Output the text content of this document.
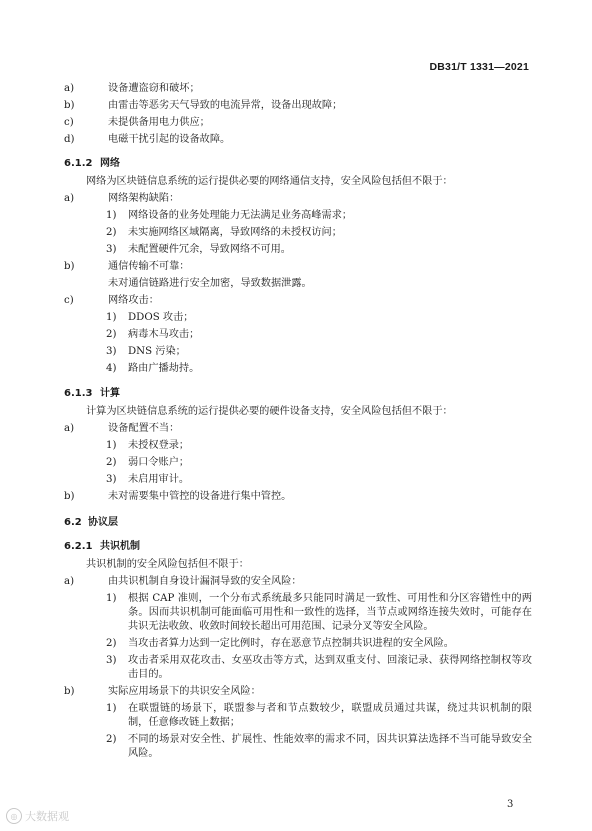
DB31/T 1331—2021
a)	设备遭盗窃和破坏；
b)	由雷击等恶劣天气导致的电流异常，设备出现故障；
c)	未提供备用电力供应；
d)	电磁干扰引起的设备故障。
6.1.2 网络
网络为区块链信息系统的运行提供必要的网络通信支持，安全风险包括但不限于：
a)	网络架构缺陷：
1) 网络设备的业务处理能力无法满足业务高峰需求；
2) 未实施网络区域隔离，导致网络的未授权访问；
3) 未配置硬件冗余，导致网络不可用。
b)	通信传输不可靠：
未对通信链路进行安全加密，导致数据泄露。
c)	网络攻击：
1) DDOS 攻击；
2) 病毒木马攻击；
3) DNS 污染；
4) 路由广播劫持。
6.1.3 计算
计算为区块链信息系统的运行提供必要的硬件设备支持，安全风险包括但不限于：
a)	设备配置不当：
1) 未授权登录；
2) 弱口令账户；
3) 未启用审计。
b)	未对需要集中管控的设备进行集中管控。
6.2 协议层
6.2.1 共识机制
共识机制的安全风险包括但不限于：
a)	由共识机制自身设计漏洞导致的安全风险：
1) 根据 CAP 准则，一个分布式系统最多只能同时满足一致性、可用性和分区容错性中的两条。因而共识机制可能面临可用性和一致性的选择，当节点或网络连接失效时，可能存在共识无法收敛、收敛时间较长超出可用范围、记录分叉等安全风险。
2) 当攻击者算力达到一定比例时，存在恶意节点控制共识进程的安全风险。
3) 攻击者采用双花攻击、女巫攻击等方式，达到双重支付、回滚记录、获得网络控制权等攻击目的。
b)	实际应用场景下的共识安全风险：
1) 在联盟链的场景下，联盟参与者和节点数较少，联盟成员通过共谋，绕过共识机制的限制，任意修改链上数据；
2) 不同的场景对安全性、扩展性、性能效率的需求不同，因共识算法选择不当可能导致安全风险。
3
◎ 大数据观
